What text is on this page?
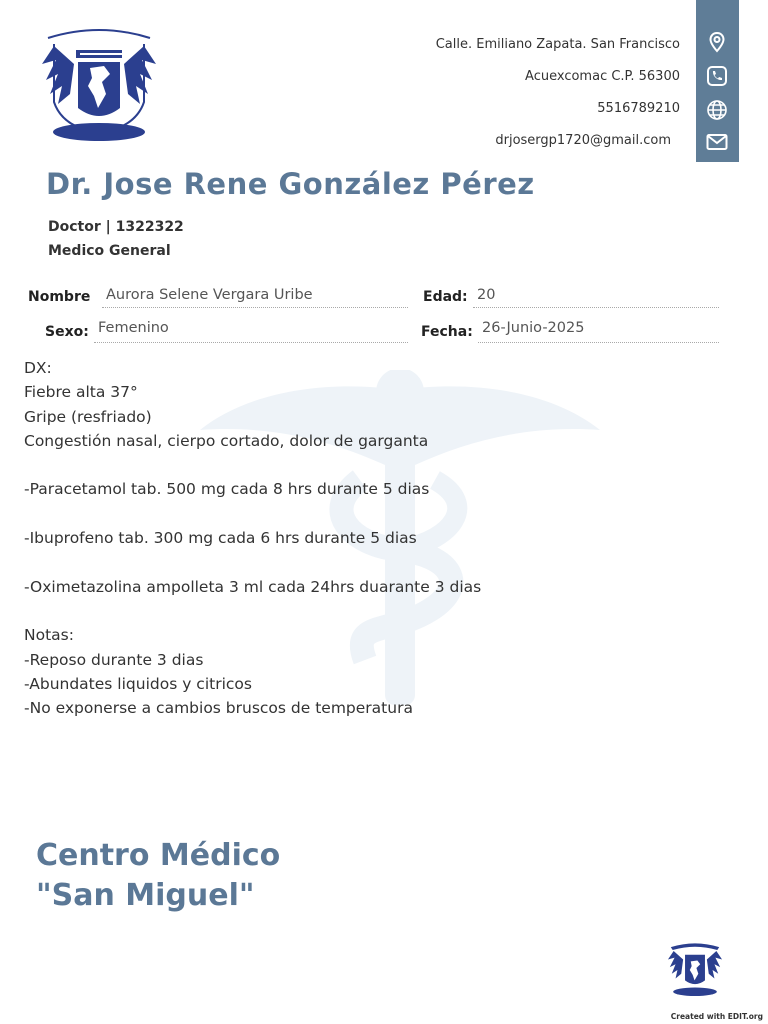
Calle. Emiliano Zapata. San Francisco
Acuexcomac C.P. 56300
5516789210
drjosergp1720@gmail.com
Dr. Jose Rene González Pérez
Doctor | 1322322
Medico General
Nombre Aurora Selene Vergara Uribe	Edad: 20
Sexo: Femenino	Fecha: 26-Junio-2025
DX:
Fiebre alta 37°
Gripe (resfriado)
Congestión nasal, cierpo cortado, dolor de garganta
-Paracetamol tab. 500 mg cada 8 hrs durante 5 dias
-Ibuprofeno tab. 300 mg cada 6 hrs durante 5 dias
-Oximetazolina ampolleta 3 ml cada 24hrs duarante 3 dias
Notas:
-Reposo durante 3 dias
-Abundates liquidos y citricos
-No exponerse a cambios bruscos de temperatura
Centro Médico
"San Miguel"
Created with EDIT.org
